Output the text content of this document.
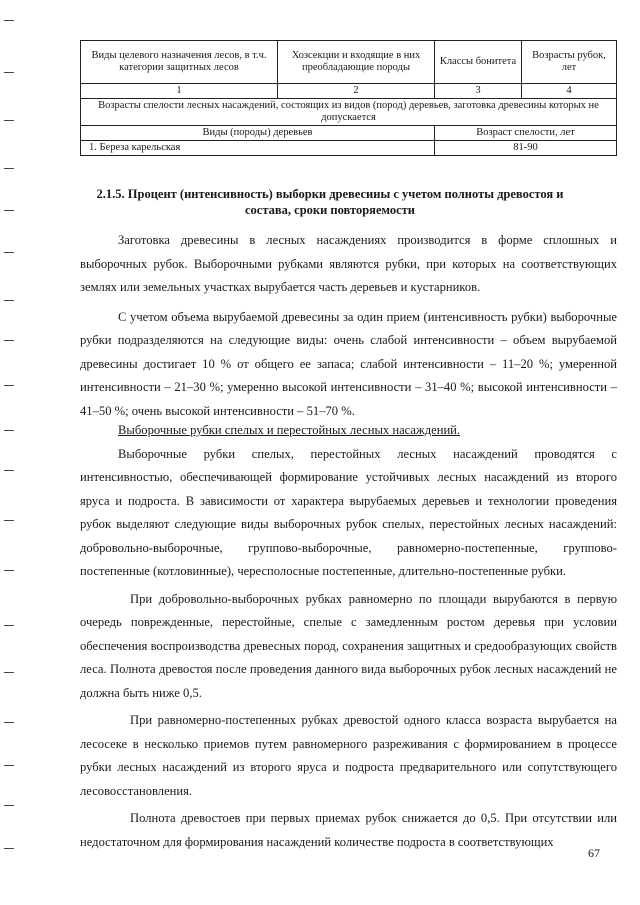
Виды целевого назначения лесов, в т.ч. категории защитных лесов	Хозсекции и входящие в них преобладающие породы	Классы бонитета	Возрасты рубок, лет
1	2	3	4
Возрасты спелости лесных насаждений, состоящих из видов (пород) деревьев, заготовка древесины которых не допускается			
Виды (породы) деревьев		Возраст спелости, лет	
1. Береза карельская		81-90	
2.1.5. Процент (интенсивность) выборки древесины с учетом полноты древостоя и состава, сроки повторяемости

Заготовка древесины в лесных насаждениях производится в форме сплошных и выборочных рубок. Выборочными рубками являются рубки, при которых на соответствующих землях или земельных участках вырубается часть деревьев и кустарников.

С учетом объема вырубаемой древесины за один прием (интенсивность рубки) выборочные рубки подразделяются на следующие виды: очень слабой интенсивности – объем вырубаемой древесины достигает 10 % от общего ее запаса; слабой интенсивности – 11–20 %; умеренной интенсивности – 21–30 %; умеренно высокой интенсивности – 31–40 %; высокой интенсивности – 41–50 %; очень высокой интенсивности – 51–70 %.

Выборочные рубки спелых и перестойных лесных насаждений.

Выборочные рубки спелых, перестойных лесных насаждений проводятся с интенсивностью, обеспечивающей формирование устойчивых лесных насаждений из второго яруса и подроста. В зависимости от характера вырубаемых деревьев и технологии проведения рубок выделяют следующие виды выборочных рубок спелых, перестойных лесных насаждений: добровольно-выборочные, группово-выборочные, равномерно-постепенные, группово-постепенные (котловинные), чересполосные постепенные, длительно-постепенные рубки.

При добровольно-выборочных рубках равномерно по площади вырубаются в первую очередь поврежденные, перестойные, спелые с замедленным ростом деревья при условии обеспечения воспроизводства древесных пород, сохранения защитных и средообразующих свойств леса. Полнота древостоя после проведения данного вида выборочных рубок лесных насаждений не должна быть ниже 0,5.

При равномерно-постепенных рубках древостой одного класса возраста вырубается на лесосеке в несколько приемов путем равномерного разреживания с формированием в процессе рубки лесных насаждений из второго яруса и подроста предварительного или сопутствующего лесовосстановления.

Полнота древостоев при первых приемах рубок снижается до 0,5. При отсутствии или недостаточном для формирования насаждений количестве подроста в соответствующих

67
